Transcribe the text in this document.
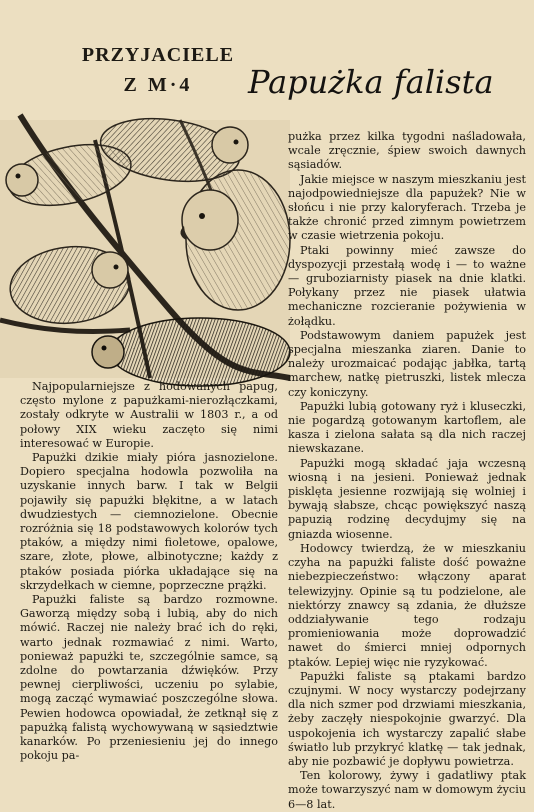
PRZYJACIELE
Z M·4	Papużka falista

Najpopularniejsze z hodowanych papug, często mylone z papużkami-nierozłączkami, zostały odkryte w Australii w 1803 r., a od połowy XIX wieku zaczęto się nimi interesować w Europie.

Papużki dzikie miały pióra jasnozielone. Dopiero specjalna hodowla pozwoliła na uzyskanie innych barw. I tak w Belgii pojawiły się papużki błękitne, a w latach dwudziestych — ciemnozielone. Obecnie rozróżnia się 18 podstawowych kolorów tych ptaków, a między nimi fioletowe, opalowe, szare, złote, płowe, albinotyczne; każdy z ptaków posiada piórka układające się na skrzydełkach w ciemne, poprzeczne prążki.

Papużki faliste są bardzo rozmowne. Gaworzą między sobą i lubią, aby do nich mówić. Raczej nie należy brać ich do ręki, warto jednak rozmawiać z nimi. Warto, ponieważ papużki te, szczególnie samce, są zdolne do powtarzania dźwięków. Przy pewnej cierpliwości, uczeniu po sylabie, mogą zacząć wymawiać poszczególne słowa. Pewien hodowca opowiadał, że zetknął się z papużką falistą wychowywaną w sąsiedztwie kanarków. Po przeniesieniu jej do innego pokoju pa-

pużka przez kilka tygodni naśladowała, wcale zręcznie, śpiew swoich dawnych sąsiadów.

Jakie miejsce w naszym mieszkaniu jest najodpowiedniejsze dla papużek? Nie w słońcu i nie przy kaloryferach. Trzeba je także chronić przed zimnym powietrzem w czasie wietrzenia pokoju.

Ptaki powinny mieć zawsze do dyspozycji przestałą wodę i — to ważne — gruboziarnisty piasek na dnie klatki. Połykany przez nie piasek ułatwia mechaniczne rozcieranie pożywienia w żołądku.

Podstawowym daniem papużek jest specjalna mieszanka ziaren. Danie to należy urozmaicać podając jabłka, tartą marchew, natkę pietruszki, listek mlecza czy koniczyny.

Papużki lubią gotowany ryż i kluseczki, nie pogardzą gotowanym kartoflem, ale kasza i zielona sałata są dla nich raczej niewskazane.

Papużki mogą składać jaja wczesną wiosną i na jesieni. Ponieważ jednak pisklęta jesienne rozwijają się wolniej i bywają słabsze, chcąc powiększyć naszą papuzią rodzinę decydujmy się na gniazda wiosenne.

Hodowcy twierdzą, że w mieszkaniu czyha na papużki faliste dość poważne niebezpieczeństwo: włączony aparat telewizyjny. Opinie są tu podzielone, ale niektórzy znawcy są zdania, że dłuższe oddziaływanie tego rodzaju promieniowania może doprowadzić nawet do śmierci mniej odpornych ptaków. Lepiej więc nie ryzykować.

Papużki faliste są ptakami bardzo czujnymi. W nocy wystarczy podejrzany dla nich szmer pod drzwiami mieszkania, żeby zaczęły niespokojnie gwarzyć. Dla uspokojenia ich wystarczy zapalić słabe światło lub przykryć klatkę — tak jednak, aby nie pozbawić je dopływu powietrza.

Ten kolorowy, żywy i gadatliwy ptak może towarzyszyć nam w domowym życiu 6—8 lat.
